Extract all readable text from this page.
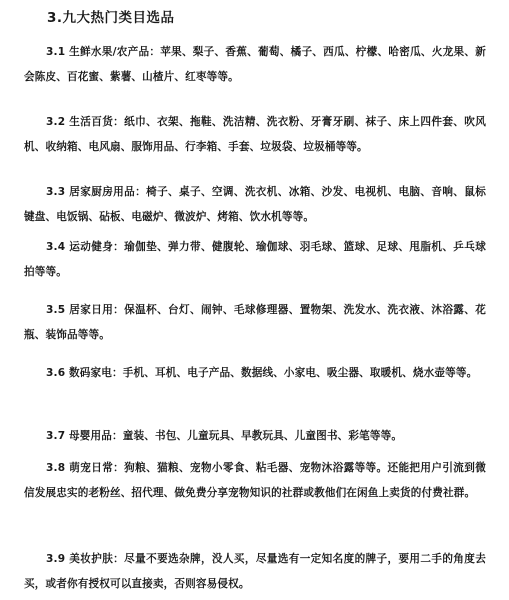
3.九大热门类目选品
3.1 生鲜水果/农产品：苹果、梨子、香蕉、葡萄、橘子、西瓜、柠檬、哈密瓜、火龙果、新会陈皮、百花蜜、紫薯、山楂片、红枣等等。
3.2 生活百货：纸巾、衣架、拖鞋、洗洁精、洗衣粉、牙膏牙刷、袜子、床上四件套、吹风机、收纳箱、电风扇、服饰用品、行李箱、手套、垃圾袋、垃圾桶等等。
3.3 居家厨房用品：椅子、桌子、空调、洗衣机、冰箱、沙发、电视机、电脑、音响、鼠标键盘、电饭锅、砧板、电磁炉、微波炉、烤箱、饮水机等等。
3.4 运动健身：瑜伽垫、弹力带、健腹轮、瑜伽球、羽毛球、篮球、足球、甩脂机、乒乓球拍等等。
3.5 居家日用：保温杯、台灯、闹钟、毛球修理器、置物架、洗发水、洗衣液、沐浴露、花瓶、装饰品等等。
3.6 数码家电：手机、耳机、电子产品、数据线、小家电、吸尘器、取暖机、烧水壶等等。
3.7 母婴用品：童装、书包、儿童玩具、早教玩具、儿童图书、彩笔等等。
3.8 萌宠日常：狗粮、猫粮、宠物小零食、粘毛器、宠物沐浴露等等。还能把用户引流到微信发展忠实的老粉丝、招代理、做免费分享宠物知识的社群或教他们在闲鱼上卖货的付费社群。
3.9 美妆护肤：尽量不要选杂牌，没人买，尽量选有一定知名度的牌子，要用二手的角度去买，或者你有授权可以直接卖，否则容易侵权。
